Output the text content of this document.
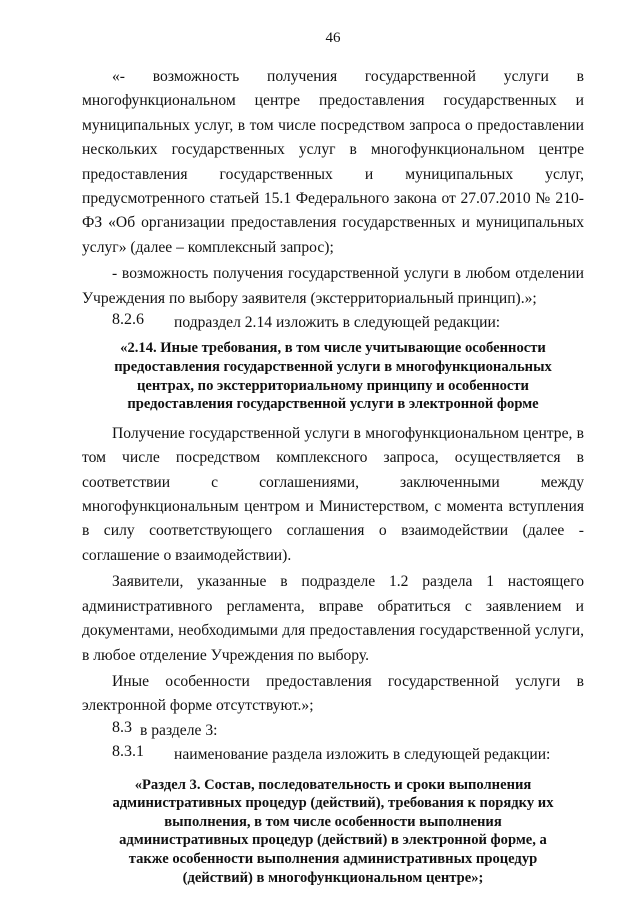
46

«- возможность получения государственной услуги в многофункциональном центре предоставления государственных и муниципальных услуг, в том числе посредством запроса о предоставлении нескольких государственных услуг в многофункциональном центре предоставления государственных и муниципальных услуг, предусмотренного статьей 15.1 Федерального закона от 27.07.2010 № 210-ФЗ «Об организации предоставления государственных и муниципальных услуг» (далее – комплексный запрос);

- возможность получения государственной услуги в любом отделении Учреждения по выбору заявителя (экстерриториальный принцип).»;

8.2.6	подраздел 2.14 изложить в следующей редакции:

«2.14. Иные требования, в том числе учитывающие особенности предоставления государственной услуги в многофункциональных центрах, по экстерриториальному принципу и особенности предоставления государственной услуги в электронной форме

Получение государственной услуги в многофункциональном центре, в том числе посредством комплексного запроса, осуществляется в соответствии с соглашениями, заключенными между многофункциональным центром и Министерством, с момента вступления в силу соответствующего соглашения о взаимодействии (далее - соглашение о взаимодействии).

Заявители, указанные в подразделе 1.2 раздела 1 настоящего административного регламента, вправе обратиться с заявлением и документами, необходимыми для предоставления государственной услуги, в любое отделение Учреждения по выбору.

Иные особенности предоставления государственной услуги в электронной форме отсутствуют.»;

8.3 в разделе 3:

8.3.1	наименование раздела изложить в следующей редакции:

«Раздел 3. Состав, последовательность и сроки выполнения административных процедур (действий), требования к порядку их выполнения, в том числе особенности выполнения административных процедур (действий) в электронной форме, а также особенности выполнения административных процедур (действий) в многофункциональном центре»;
